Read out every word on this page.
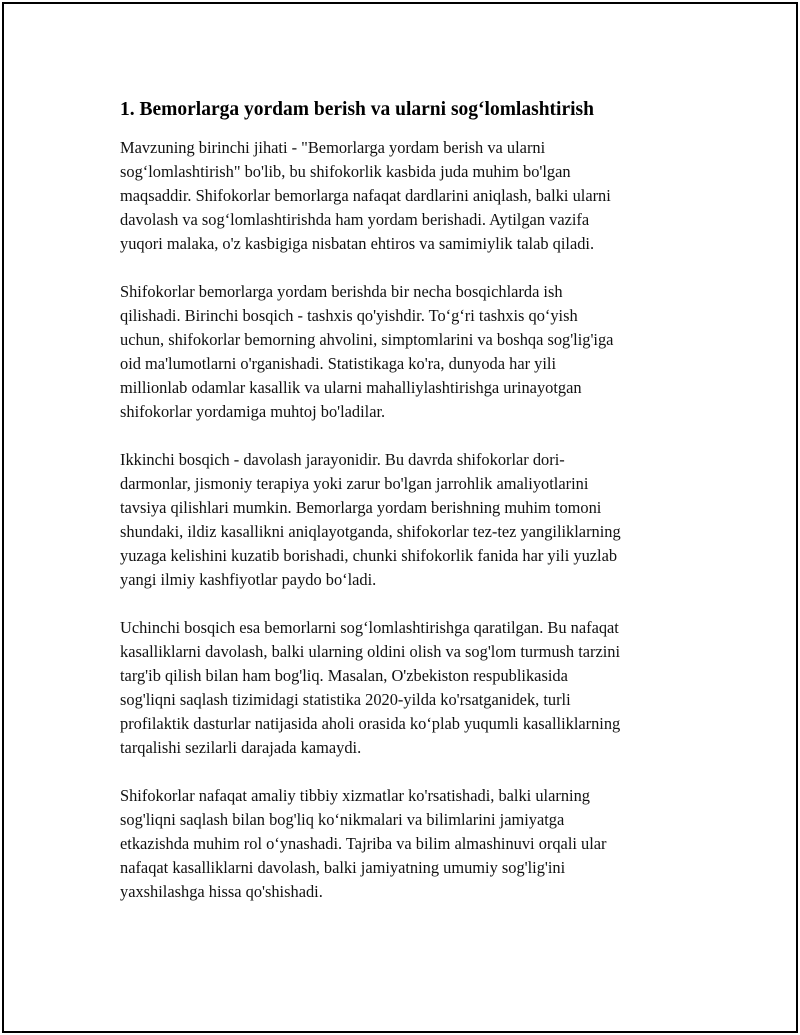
1. Bemorlarga yordam berish va ularni sog‘lomlashtirish

Mavzuning birinchi jihati - "Bemorlarga yordam berish va ularni
sog‘lomlashtirish" bo'lib, bu shifokorlik kasbida juda muhim bo'lgan
maqsaddir. Shifokorlar bemorlarga nafaqat dardlarini aniqlash, balki ularni
davolash va sog‘lomlashtirishda ham yordam berishadi. Aytilgan vazifa
yuqori malaka, o'z kasbigiga nisbatan ehtiros va samimiylik talab qiladi.

Shifokorlar bemorlarga yordam berishda bir necha bosqichlarda ish
qilishadi. Birinchi bosqich - tashxis qo'yishdir. To‘g‘ri tashxis qo‘yish
uchun, shifokorlar bemorning ahvolini, simptomlarini va boshqa sog'lig'iga
oid ma'lumotlarni o'rganishadi. Statistikaga ko'ra, dunyoda har yili
millionlab odamlar kasallik va ularni mahalliylashtirishga urinayotgan
shifokorlar yordamiga muhtoj bo'ladilar.

Ikkinchi bosqich - davolash jarayonidir. Bu davrda shifokorlar dori-
darmonlar, jismoniy terapiya yoki zarur bo'lgan jarrohlik amaliyotlarini
tavsiya qilishlari mumkin. Bemorlarga yordam berishning muhim tomoni
shundaki, ildiz kasallikni aniqlayotganda, shifokorlar tez-tez yangiliklarning
yuzaga kelishini kuzatib borishadi, chunki shifokorlik fanida har yili yuzlab
yangi ilmiy kashfiyotlar paydo bo‘ladi.

Uchinchi bosqich esa bemorlarni sog‘lomlashtirishga qaratilgan. Bu nafaqat
kasalliklarni davolash, balki ularning oldini olish va sog'lom turmush tarzini
targ'ib qilish bilan ham bog'liq. Masalan, O'zbekiston respublikasida
sog'liqni saqlash tizimidagi statistika 2020-yilda ko'rsatganidek, turli
profilaktik dasturlar natijasida aholi orasida ko‘plab yuqumli kasalliklarning
tarqalishi sezilarli darajada kamaydi.

Shifokorlar nafaqat amaliy tibbiy xizmatlar ko'rsatishadi, balki ularning
sog'liqni saqlash bilan bog'liq ko‘nikmalari va bilimlarini jamiyatga
etkazishda muhim rol o‘ynashadi. Tajriba va bilim almashinuvi orqali ular
nafaqat kasalliklarni davolash, balki jamiyatning umumiy sog'lig'ini
yaxshilashga hissa qo'shishadi.
